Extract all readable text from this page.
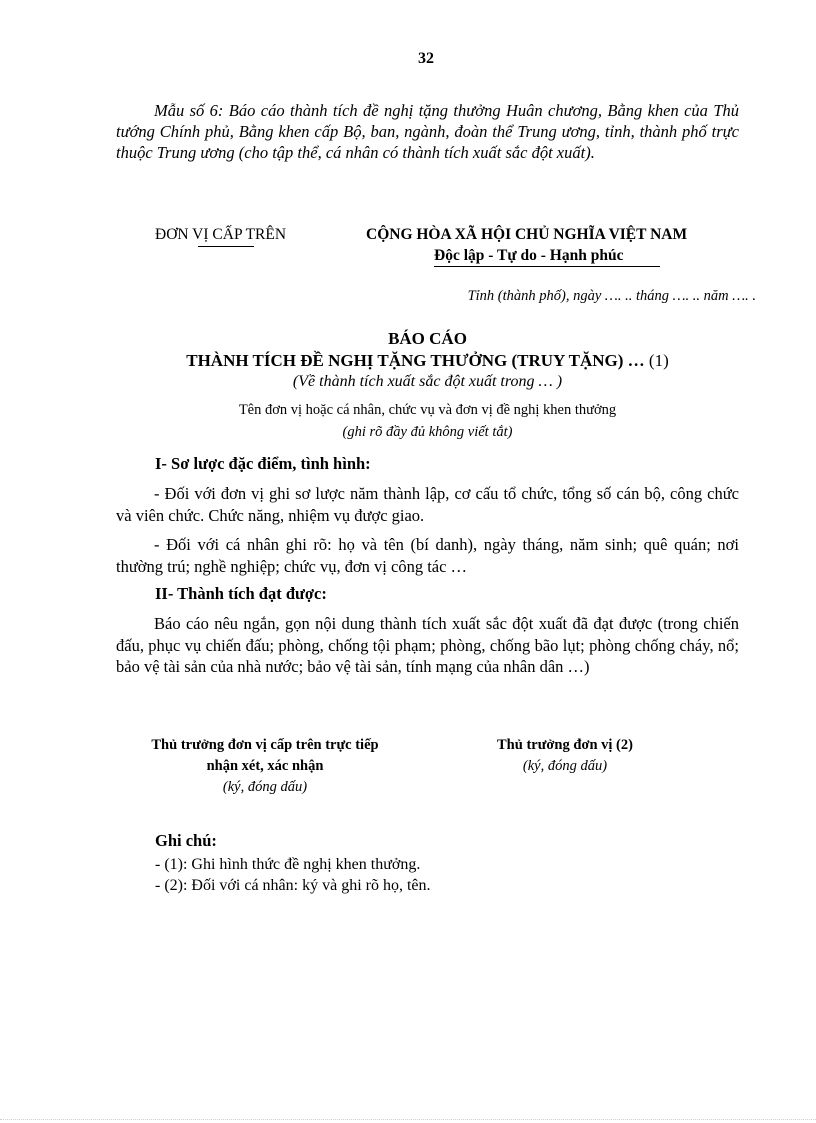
32
Mẫu số 6: Báo cáo thành tích đề nghị tặng thưởng Huân chương, Bằng khen của Thủ tướng Chính phủ, Bằng khen cấp Bộ, ban, ngành, đoàn thể Trung ương, tỉnh, thành phố trực thuộc Trung ương (cho tập thể, cá nhân có thành tích xuất sắc đột xuất).
ĐƠN VỊ CẤP TRÊN	CỘNG HÒA XÃ HỘI CHỦ NGHĨA VIỆT NAM
Độc lập - Tự do - Hạnh phúc
Tỉnh (thành phố), ngày …. .. tháng …. .. năm …. .
BÁO CÁO
THÀNH TÍCH ĐỀ NGHỊ TẶNG THƯỞNG (TRUY TẶNG) … (1)
(Về thành tích xuất sắc đột xuất trong … )
Tên đơn vị hoặc cá nhân, chức vụ và đơn vị đề nghị khen thưởng
(ghi rõ đầy đủ không viết tắt)
I- Sơ lược đặc điểm, tình hình:
- Đối với đơn vị ghi sơ lược năm thành lập, cơ cấu tổ chức, tổng số cán bộ, công chức và viên chức. Chức năng, nhiệm vụ được giao.
- Đối với cá nhân ghi rõ: họ và tên (bí danh), ngày tháng, năm sinh; quê quán; nơi thường trú; nghề nghiệp; chức vụ, đơn vị công tác …
II- Thành tích đạt được:
Báo cáo nêu ngắn, gọn nội dung thành tích xuất sắc đột xuất đã đạt được (trong chiến đấu, phục vụ chiến đấu; phòng, chống tội phạm; phòng, chống bão lụt; phòng chống cháy, nổ; bảo vệ tài sản của nhà nước; bảo vệ tài sản, tính mạng của nhân dân …)
Thủ trưởng đơn vị cấp trên trực tiếp
nhận xét, xác nhận
(ký, đóng dấu)
Thủ trưởng đơn vị (2)
(ký, đóng dấu)
Ghi chú:
- (1): Ghi hình thức đề nghị khen thưởng.
- (2): Đối với cá nhân: ký và ghi rõ họ, tên.
